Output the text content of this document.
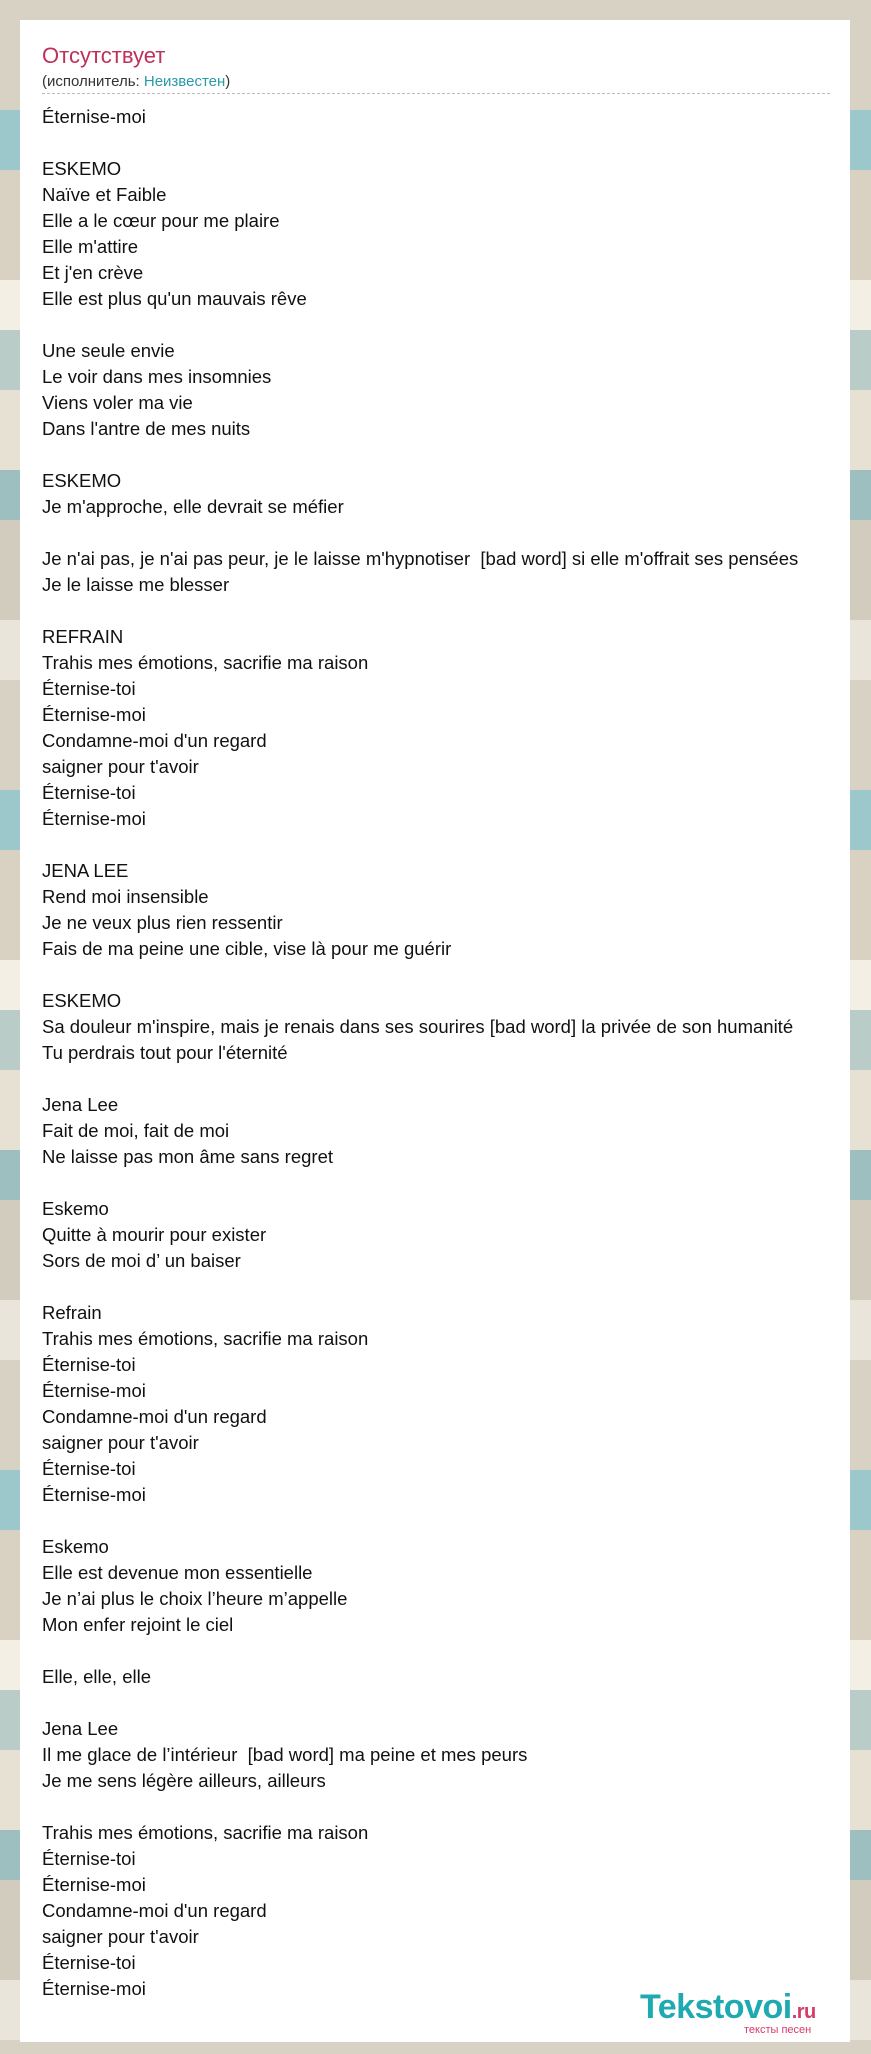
Отсутствует
(исполнитель: Неизвестен)
Éternise-moi
ESKEMO
Naïve et Faible
Elle a le cœur pour me plaire
Elle m'attire
Et j'en crève
Elle est plus qu'un mauvais rêve
Une seule envie
Le voir dans mes insomnies
Viens voler ma vie
Dans l'antre de mes nuits
ESKEMO
Je m'approche, elle devrait se méfier
Je n'ai pas, je n'ai pas peur, je le laisse m'hypnotiser  [bad word] si elle m'offrait ses pensées
Je le laisse me blesser
REFRAIN
Trahis mes émotions, sacrifie ma raison
Éternise-toi
Éternise-moi
Condamne-moi d'un regard
saigner pour t'avoir
Éternise-toi
Éternise-moi
JENA LEE
Rend moi insensible
Je ne veux plus rien ressentir
Fais de ma peine une cible, vise là pour me guérir
ESKEMO
Sa douleur m'inspire, mais je renais dans ses sourires [bad word] la privée de son humanité
Tu perdrais tout pour l'éternité
Jena Lee
Fait de moi, fait de moi
Ne laisse pas mon âme sans regret
Eskemo
Quitte à mourir pour exister
Sors de moi d’ un baiser
Refrain
Trahis mes émotions, sacrifie ma raison
Éternise-toi
Éternise-moi
Condamne-moi d'un regard
saigner pour t'avoir
Éternise-toi
Éternise-moi
Eskemo
Elle est devenue mon essentielle
Je n’ai plus le choix l’heure m’appelle
Mon enfer rejoint le ciel
Elle, elle, elle
Jena Lee
Il me glace de l’intérieur  [bad word] ma peine et mes peurs
Je me sens légère ailleurs, ailleurs
Trahis mes émotions, sacrifie ma raison
Éternise-toi
Éternise-moi
Condamne-moi d'un regard
saigner pour t'avoir
Éternise-toi
Éternise-moi	Tekstovoi.ru
тексты песен
